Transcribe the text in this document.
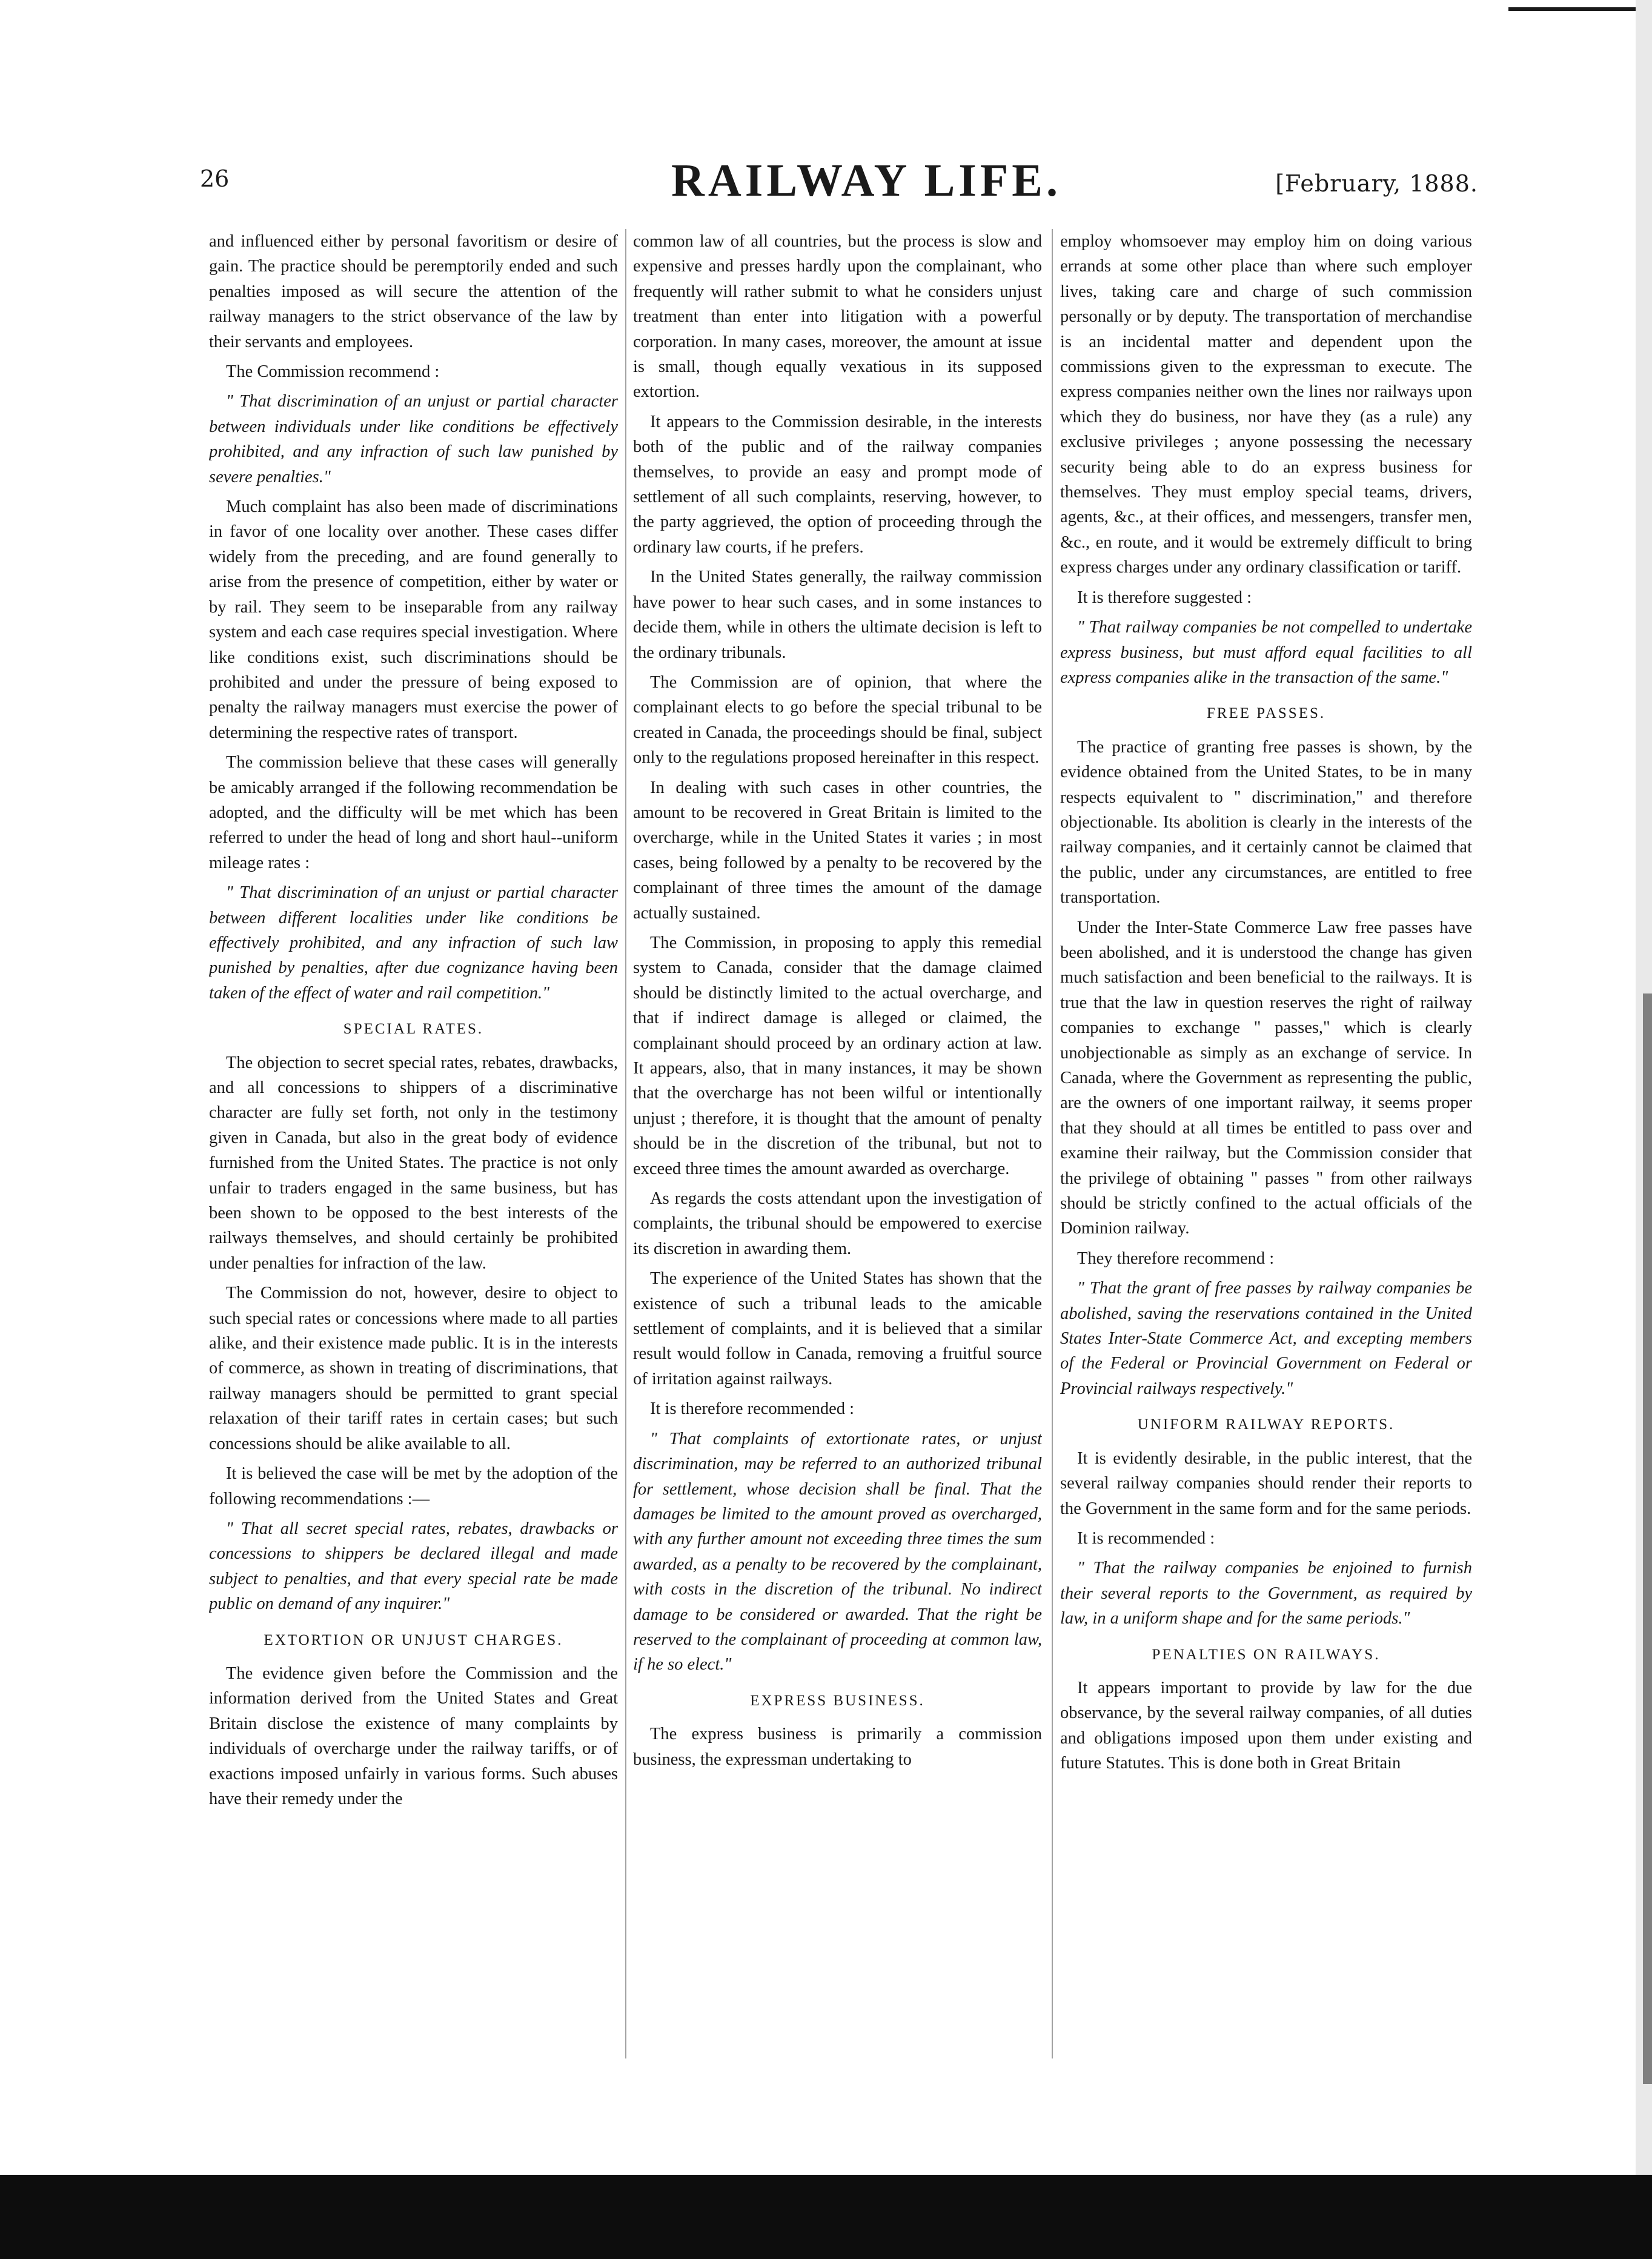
26	RAILWAY LIFE.	[February, 1888.

and influenced either by personal favoritism or desire of gain. The practice should be peremptorily ended and such penalties imposed as will secure the attention of the railway managers to the strict observance of the law by their servants and employees.

The Commission recommend :

" That discrimination of an unjust or partial character between individuals under like conditions be effectively prohibited, and any infraction of such law punished by severe penalties."

Much complaint has also been made of discriminations in favor of one locality over another. These cases differ widely from the preceding, and are found generally to arise from the presence of competition, either by water or by rail. They seem to be inseparable from any railway system and each case requires special investigation. Where like conditions exist, such discriminations should be prohibited and under the pressure of being exposed to penalty the railway managers must exercise the power of determining the respective rates of transport.

The commission believe that these cases will generally be amicably arranged if the following recommendation be adopted, and the difficulty will be met which has been referred to under the head of long and short haul--uniform mileage rates :

" That discrimination of an unjust or partial character between different localities under like conditions be effectively prohibited, and any infraction of such law punished by penalties, after due cognizance having been taken of the effect of water and rail competition."

SPECIAL RATES.

The objection to secret special rates, rebates, drawbacks, and all concessions to shippers of a discriminative character are fully set forth, not only in the testimony given in Canada, but also in the great body of evidence furnished from the United States. The practice is not only unfair to traders engaged in the same business, but has been shown to be opposed to the best interests of the railways themselves, and should certainly be prohibited under penalties for infraction of the law.

The Commission do not, however, desire to object to such special rates or concessions where made to all parties alike, and their existence made public. It is in the interests of commerce, as shown in treating of discriminations, that railway managers should be permitted to grant special relaxation of their tariff rates in certain cases; but such concessions should be alike available to all.

It is believed the case will be met by the adoption of the following recommendations :—

" That all secret special rates, rebates, drawbacks or concessions to shippers be declared illegal and made subject to penalties, and that every special rate be made public on demand of any inquirer."

EXTORTION OR UNJUST CHARGES.

The evidence given before the Commission and the information derived from the United States and Great Britain disclose the existence of many complaints by individuals of overcharge under the railway tariffs, or of exactions imposed unfairly in various forms. Such abuses have their remedy under the

common law of all countries, but the process is slow and expensive and presses hardly upon the complainant, who frequently will rather submit to what he considers unjust treatment than enter into litigation with a powerful corporation. In many cases, moreover, the amount at issue is small, though equally vexatious in its supposed extortion.

It appears to the Commission desirable, in the interests both of the public and of the railway companies themselves, to provide an easy and prompt mode of settlement of all such complaints, reserving, however, to the party aggrieved, the option of proceeding through the ordinary law courts, if he prefers.

In the United States generally, the railway commission have power to hear such cases, and in some instances to decide them, while in others the ultimate decision is left to the ordinary tribunals.

The Commission are of opinion, that where the complainant elects to go before the special tribunal to be created in Canada, the proceedings should be final, subject only to the regulations proposed hereinafter in this respect.

In dealing with such cases in other countries, the amount to be recovered in Great Britain is limited to the overcharge, while in the United States it varies ; in most cases, being followed by a penalty to be recovered by the complainant of three times the amount of the damage actually sustained.

The Commission, in proposing to apply this remedial system to Canada, consider that the damage claimed should be distinctly limited to the actual overcharge, and that if indirect damage is alleged or claimed, the complainant should proceed by an ordinary action at law. It appears, also, that in many instances, it may be shown that the overcharge has not been wilful or intentionally unjust ; therefore, it is thought that the amount of penalty should be in the discretion of the tribunal, but not to exceed three times the amount awarded as overcharge.

As regards the costs attendant upon the investigation of complaints, the tribunal should be empowered to exercise its discretion in awarding them.

The experience of the United States has shown that the existence of such a tribunal leads to the amicable settlement of complaints, and it is believed that a similar result would follow in Canada, removing a fruitful source of irritation against railways.

It is therefore recommended :

" That complaints of extortionate rates, or unjust discrimination, may be referred to an authorized tribunal for settlement, whose decision shall be final. That the damages be limited to the amount proved as overcharged, with any further amount not exceeding three times the sum awarded, as a penalty to be recovered by the complainant, with costs in the discretion of the tribunal. No indirect damage to be considered or awarded. That the right be reserved to the complainant of proceeding at common law, if he so elect."

EXPRESS BUSINESS.

The express business is primarily a commission business, the expressman undertaking to

employ whomsoever may employ him on doing various errands at some other place than where such employer lives, taking care and charge of such commission personally or by deputy. The transportation of merchandise is an incidental matter and dependent upon the commissions given to the expressman to execute. The express companies neither own the lines nor railways upon which they do business, nor have they (as a rule) any exclusive privileges ; anyone possessing the necessary security being able to do an express business for themselves. They must employ special teams, drivers, agents, &c., at their offices, and messengers, transfer men, &c., en route, and it would be extremely difficult to bring express charges under any ordinary classification or tariff.

It is therefore suggested :

" That railway companies be not compelled to undertake express business, but must afford equal facilities to all express companies alike in the transaction of the same."

FREE PASSES.

The practice of granting free passes is shown, by the evidence obtained from the United States, to be in many respects equivalent to " discrimination," and therefore objectionable. Its abolition is clearly in the interests of the railway companies, and it certainly cannot be claimed that the public, under any circumstances, are entitled to free transportation.

Under the Inter-State Commerce Law free passes have been abolished, and it is understood the change has given much satisfaction and been beneficial to the railways. It is true that the law in question reserves the right of railway companies to exchange " passes," which is clearly unobjectionable as simply as an exchange of service. In Canada, where the Government as representing the public, are the owners of one important railway, it seems proper that they should at all times be entitled to pass over and examine their railway, but the Commission consider that the privilege of obtaining " passes " from other railways should be strictly confined to the actual officials of the Dominion railway.

They therefore recommend :

" That the grant of free passes by railway companies be abolished, saving the reservations contained in the United States Inter-State Commerce Act, and excepting members of the Federal or Provincial Government on Federal or Provincial railways respectively."

UNIFORM RAILWAY REPORTS.

It is evidently desirable, in the public interest, that the several railway companies should render their reports to the Government in the same form and for the same periods.

It is recommended :

" That the railway companies be enjoined to furnish their several reports to the Government, as required by law, in a uniform shape and for the same periods."

PENALTIES ON RAILWAYS.

It appears important to provide by law for the due observance, by the several railway companies, of all duties and obligations imposed upon them under existing and future Statutes. This is done both in Great Britain
